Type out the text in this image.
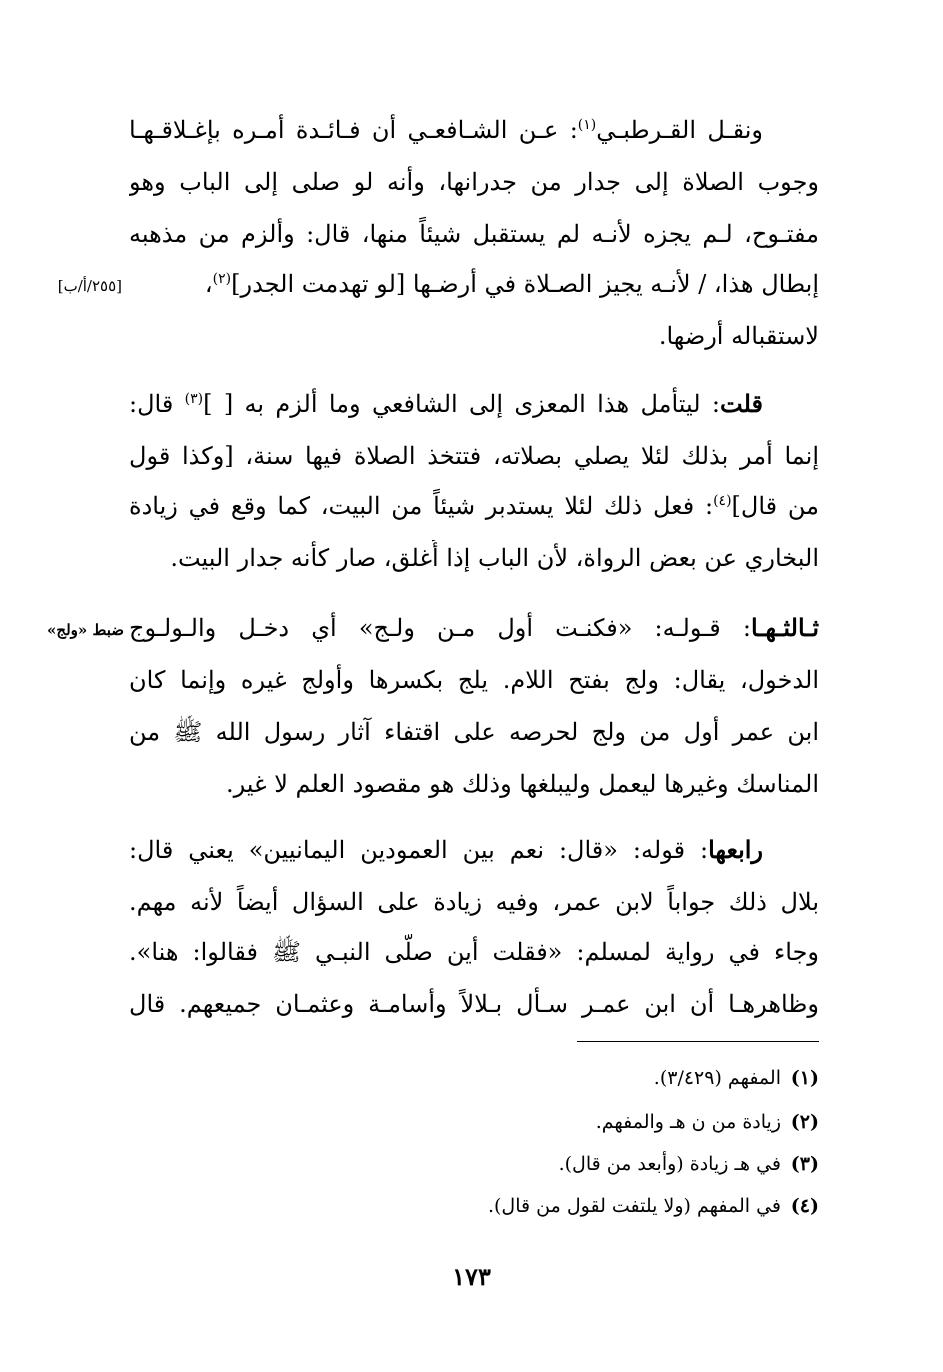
ونقـل القـرطبـي$^{(١)}$: عـن الشـافعـي أن فـائـدة أمـره بإغـلاقـهـا
وجوب الصلاة إلى جدار من جدرانها، وأنه لو صلى إلى الباب وهو
مفتـوح، لـم يجزه لأنـه لم يستقبل شيئاً منها، قال: وألزم من مذهبه
إبطال هذا، / لأنـه يجيز الصـلاة في أرضـها [لو تهدمت الجدر]$^{(٢)}$،
[٢٥٥/أ/ب]
لاستقباله أرضها.
قلت: ليتأمل هذا المعزى إلى الشافعي وما ألزم به [ ]$^{(٣)}$ قال:
إنما أمر بذلك لئلا يصلي بصلاته، فتتخذ الصلاة فيها سنة، [وكذا قول
من قال]$^{(٤)}$: فعل ذلك لئلا يستدبر شيئاً من البيت، كما وقع في زيادة
البخاري عن بعض الرواة، لأن الباب إذا أُغلق، صار كأنه جدار البيت.
ثـالثـهـا: قـولـه: «فكنـت أول مـن ولـج» أي دخـل والـولـوج
ضبط «ولج»
الدخول، يقال: ولج بفتح اللام. يلج بكسرها وأولج غيره وإنما كان
ابن عمر أول من ولج لحرصه على اقتفاء آثار رسول الله ﷺ من
المناسك وغيرها ليعمل وليبلغها وذلك هو مقصود العلم لا غير.
رابعها: قوله: «قال: نعم بين العمودين اليمانيين» يعني قال:
بلال ذلك جواباً لابن عمر، وفيه زيادة على السؤال أيضاً لأنه مهم.
وجاء في رواية لمسلم: «فقلت أين صلَّى النبـي ﷺ فقالوا: هنا».
وظاهرهـا أن ابن عمـر سـأل بـلالاً وأسامـة وعثمـان جميعهم. قال
(١)المفهم (٣/٤٢٩).
(٢)زيادة من ن هـ والمفهم.
(٣)في هـ زيادة (وأبعد من قال).
(٤)في المفهم (ولا يلتفت لقول من قال).
١٧٣
